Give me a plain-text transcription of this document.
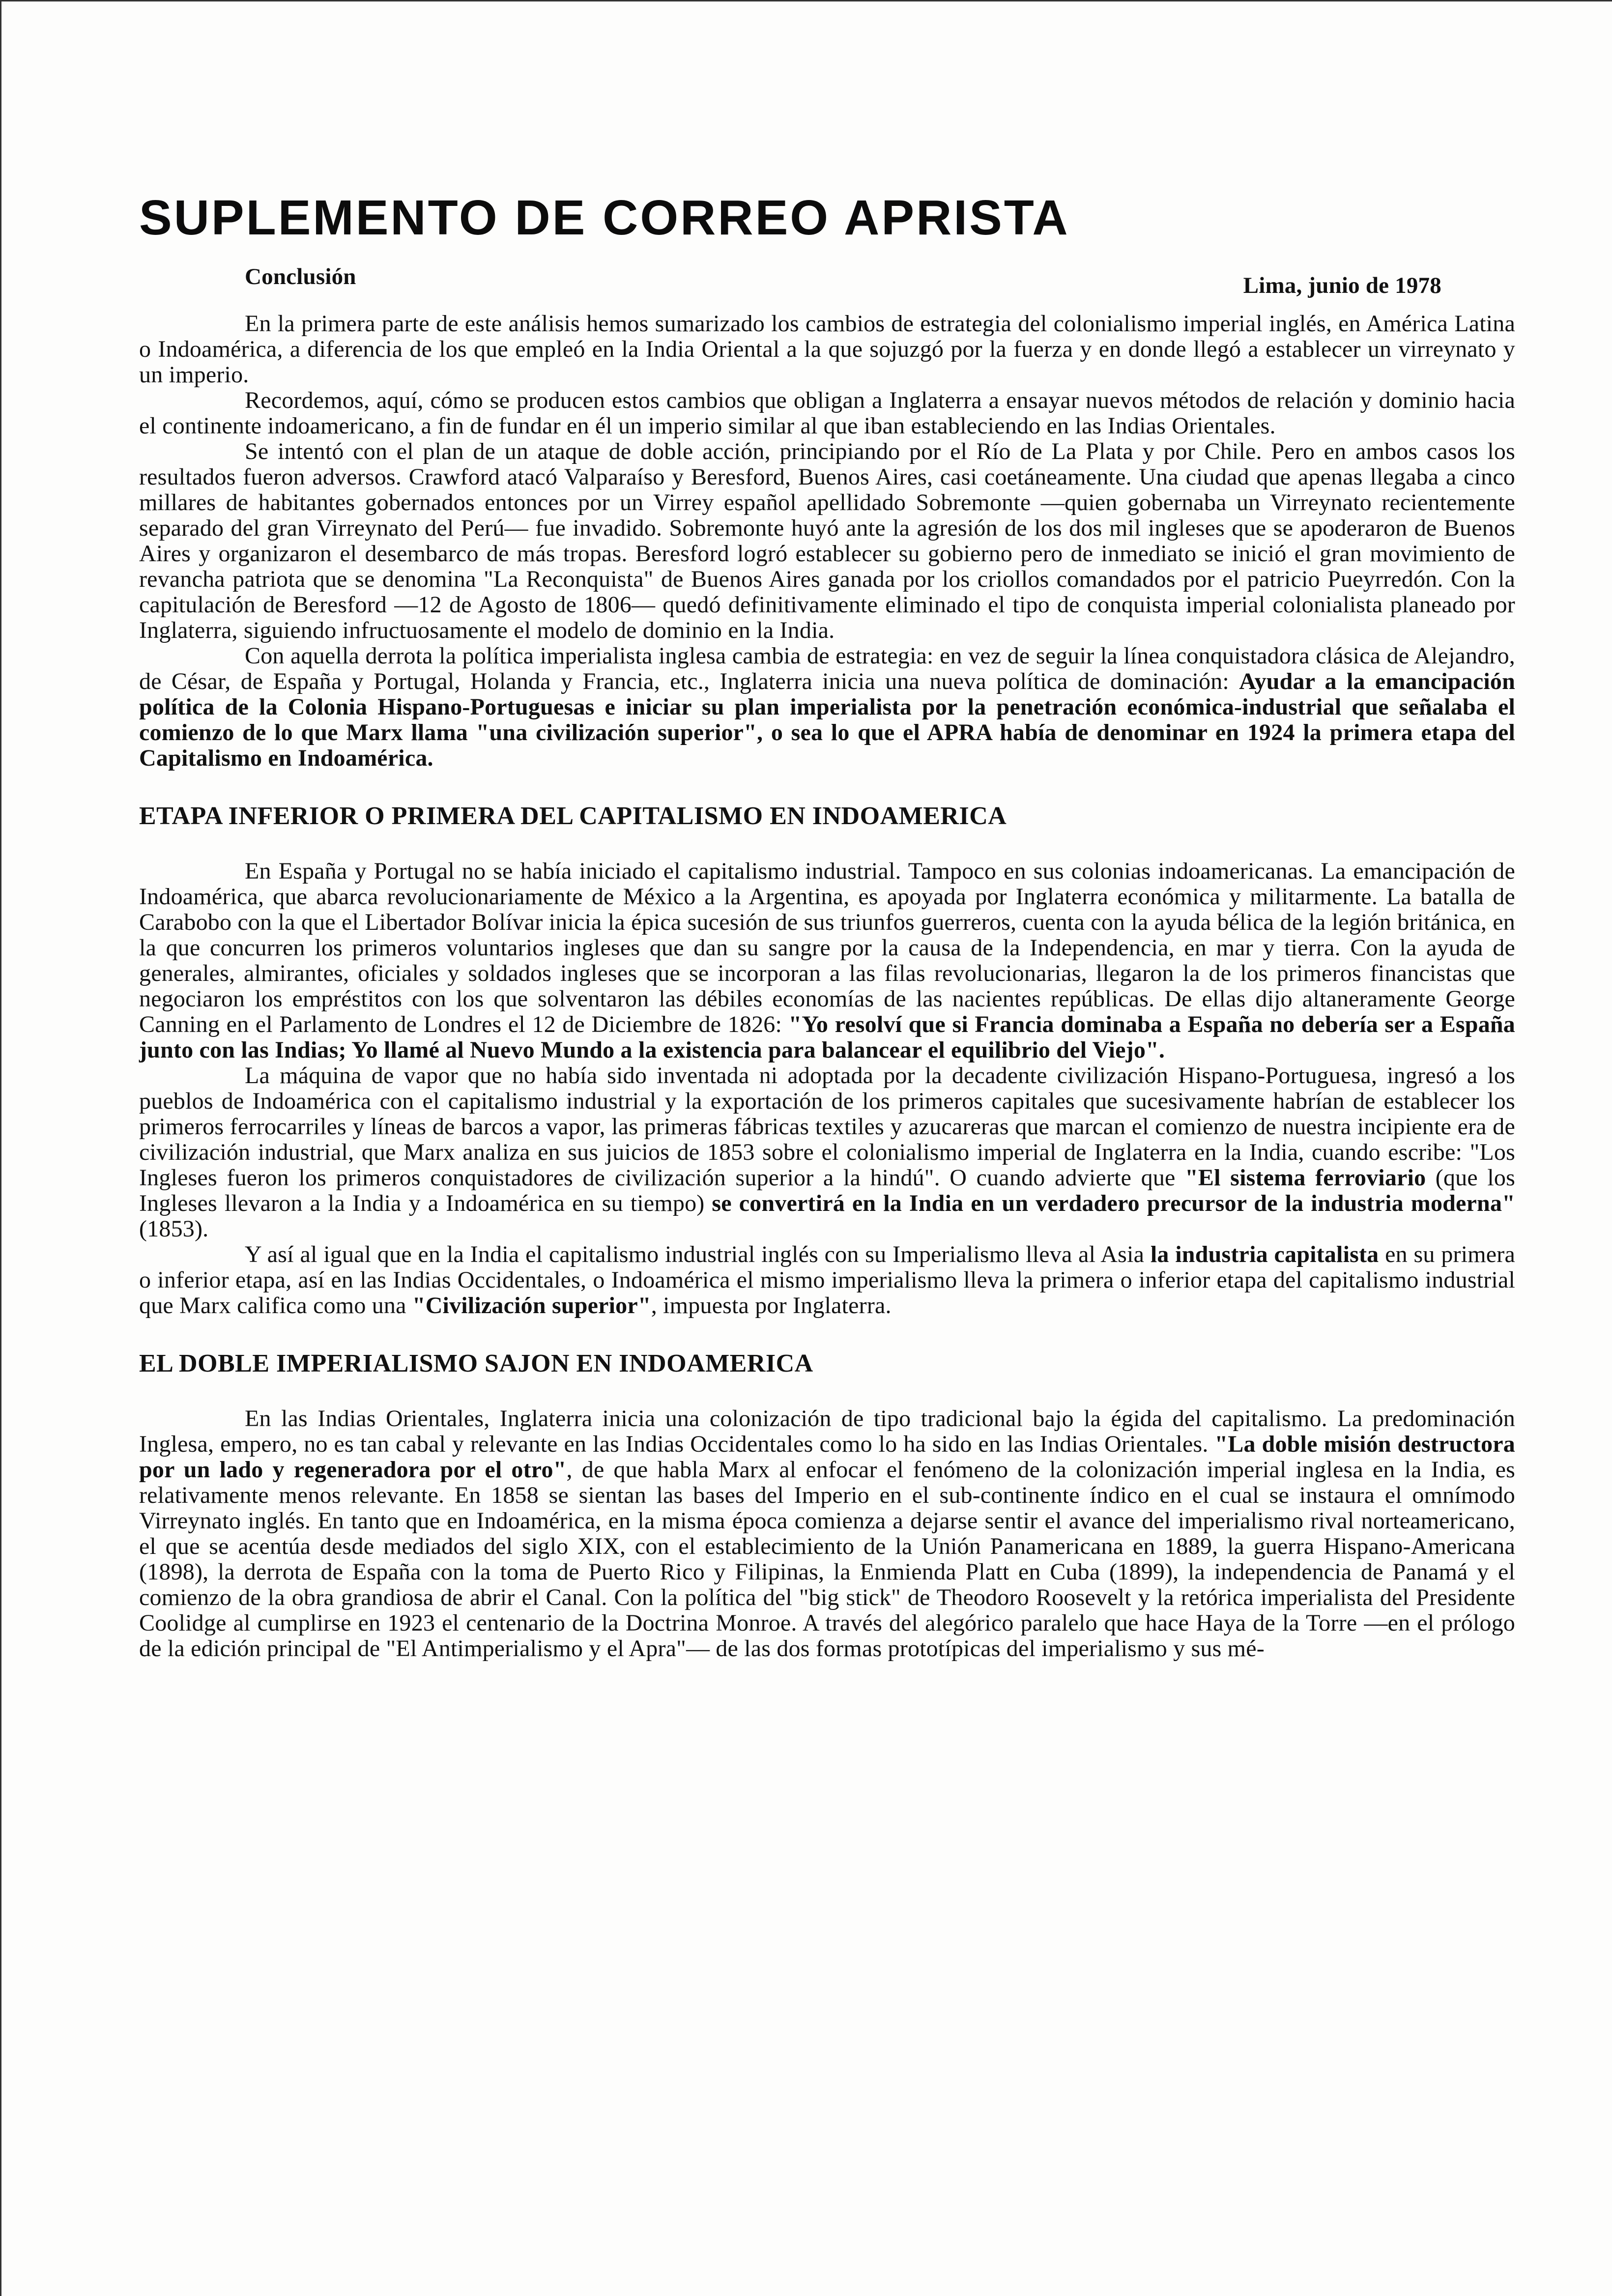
SUPLEMENTO DE CORREO APRISTA
Conclusión	Lima, junio de 1978

En la primera parte de este análisis hemos sumarizado los cambios de estrategia del colonialismo imperial inglés, en América Latina o Indoamérica, a diferencia de los que empleó en la India Oriental a la que sojuzgó por la fuerza y en donde llegó a establecer un virreynato y un imperio.

Recordemos, aquí, cómo se producen estos cambios que obligan a Inglaterra a ensayar nuevos métodos de relación y dominio hacia el continente indoamericano, a fin de fundar en él un imperio similar al que iban estableciendo en las Indias Orientales.

Se intentó con el plan de un ataque de doble acción, principiando por el Río de La Plata y por Chile. Pero en ambos casos los resultados fueron adversos. Crawford atacó Valparaíso y Beresford, Buenos Aires, casi coetáneamente. Una ciudad que apenas llegaba a cinco millares de habitantes gobernados entonces por un Virrey español apellidado Sobremonte —quien gobernaba un Virreynato recientemente separado del gran Virreynato del Perú— fue invadido. Sobremonte huyó ante la agresión de los dos mil ingleses que se apoderaron de Buenos Aires y organizaron el desembarco de más tropas. Beresford logró establecer su gobierno pero de inmediato se inició el gran movimiento de revancha patriota que se denomina "La Reconquista" de Buenos Aires ganada por los criollos comandados por el patricio Pueyrredón. Con la capitulación de Beresford —12 de Agosto de 1806— quedó definitivamente eliminado el tipo de conquista imperial colonialista planeado por Inglaterra, siguiendo infructuosamente el modelo de dominio en la India.

Con aquella derrota la política imperialista inglesa cambia de estrategia: en vez de seguir la línea conquistadora clásica de Alejandro, de César, de España y Portugal, Holanda y Francia, etc., Inglaterra inicia una nueva política de dominación: Ayudar a la emancipación política de la Colonia Hispano-Portuguesas e iniciar su plan imperialista por la penetración económica-industrial que señalaba el comienzo de lo que Marx llama "una civilización superior", o sea lo que el APRA había de denominar en 1924 la primera etapa del Capitalismo en Indoamérica.

ETAPA INFERIOR O PRIMERA DEL CAPITALISMO EN INDOAMERICA

En España y Portugal no se había iniciado el capitalismo industrial. Tampoco en sus colonias indoamericanas. La emancipación de Indoamérica, que abarca revolucionariamente de México a la Argentina, es apoyada por Inglaterra económica y militarmente. La batalla de Carabobo con la que el Libertador Bolívar inicia la épica sucesión de sus triunfos guerreros, cuenta con la ayuda bélica de la legión británica, en la que concurren los primeros voluntarios ingleses que dan su sangre por la causa de la Independencia, en mar y tierra. Con la ayuda de generales, almirantes, oficiales y soldados ingleses que se incorporan a las filas revolucionarias, llegaron la de los primeros financistas que negociaron los empréstitos con los que solventaron las débiles economías de las nacientes repúblicas. De ellas dijo altaneramente George Canning en el Parlamento de Londres el 12 de Diciembre de 1826: "Yo resolví que si Francia dominaba a España no debería ser a España junto con las Indias; Yo llamé al Nuevo Mundo a la existencia para balancear el equilibrio del Viejo".

La máquina de vapor que no había sido inventada ni adoptada por la decadente civilización Hispano-Portuguesa, ingresó a los pueblos de Indoamérica con el capitalismo industrial y la exportación de los primeros capitales que sucesivamente habrían de establecer los primeros ferrocarriles y líneas de barcos a vapor, las primeras fábricas textiles y azucareras que marcan el comienzo de nuestra incipiente era de civilización industrial, que Marx analiza en sus juicios de 1853 sobre el colonialismo imperial de Inglaterra en la India, cuando escribe: "Los Ingleses fueron los primeros conquistadores de civilización superior a la hindú". O cuando advierte que "El sistema ferroviario (que los Ingleses llevaron a la India y a Indoamérica en su tiempo) se convertirá en la India en un verdadero precursor de la industria moderna" (1853).

Y así al igual que en la India el capitalismo industrial inglés con su Imperialismo lleva al Asia la industria capitalista en su primera o inferior etapa, así en las Indias Occidentales, o Indoamérica el mismo imperialismo lleva la primera o inferior etapa del capitalismo industrial que Marx califica como una "Civilización superior", impuesta por Inglaterra.

EL DOBLE IMPERIALISMO SAJON EN INDOAMERICA

En las Indias Orientales, Inglaterra inicia una colonización de tipo tradicional bajo la égida del capitalismo. La predominación Inglesa, empero, no es tan cabal y relevante en las Indias Occidentales como lo ha sido en las Indias Orientales. "La doble misión destructora por un lado y regeneradora por el otro", de que habla Marx al enfocar el fenómeno de la colonización imperial inglesa en la India, es relativamente menos relevante. En 1858 se sientan las bases del Imperio en el sub-continente índico en el cual se instaura el omnímodo Virreynato inglés. En tanto que en Indoamérica, en la misma época comienza a dejarse sentir el avance del imperialismo rival norteamericano, el que se acentúa desde mediados del siglo XIX, con el establecimiento de la Unión Panamericana en 1889, la guerra Hispano-Americana (1898), la derrota de España con la toma de Puerto Rico y Filipinas, la Enmienda Platt en Cuba (1899), la independencia de Panamá y el comienzo de la obra grandiosa de abrir el Canal. Con la política del "big stick" de Theodoro Roosevelt y la retórica imperialista del Presidente Coolidge al cumplirse en 1923 el centenario de la Doctrina Monroe. A través del alegórico paralelo que hace Haya de la Torre —en el prólogo de la edición principal de "El Antimperialismo y el Apra"— de las dos formas prototípicas del imperialismo y sus mé-
